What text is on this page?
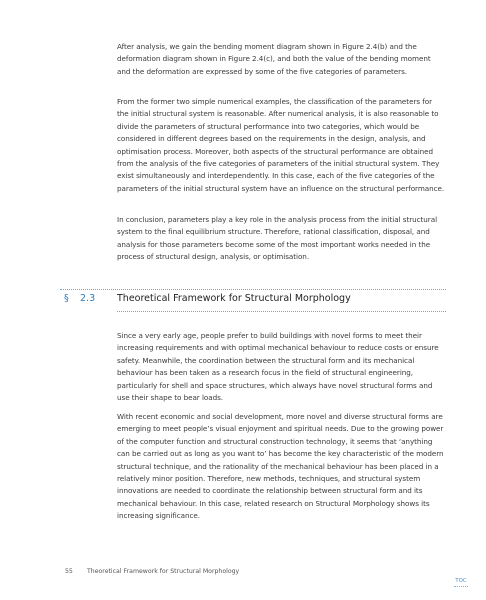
After analysis, we gain the bending moment diagram shown in Figure 2.4(b) and the deformation diagram shown in Figure 2.4(c), and both the value of the bending moment and the deformation are expressed by some of the five categories of parameters.

From the former two simple numerical examples, the classification of the parameters for the initial structural system is reasonable. After numerical analysis, it is also reasonable to divide the parameters of structural performance into two categories, which would be considered in different degrees based on the requirements in the design, analysis, and optimisation process. Moreover, both aspects of the structural performance are obtained from the analysis of the five categories of parameters of the initial structural system. They exist simultaneously and interdependently. In this case, each of the five categories of the parameters of the initial structural system have an influence on the structural performance.

In conclusion, parameters play a key role in the analysis process from the initial structural system to the final equilibrium structure. Therefore, rational classification, disposal, and analysis for those parameters become some of the most important works needed in the process of structural design, analysis, or optimisation.

§ 2.3 Theoretical Framework for Structural Morphology

Since a very early age, people prefer to build buildings with novel forms to meet their increasing requirements and with optimal mechanical behaviour to reduce costs or ensure safety. Meanwhile, the coordination between the structural form and its mechanical behaviour has been taken as a research focus in the field of structural engineering, particularly for shell and space structures, which always have novel structural forms and use their shape to bear loads.

With recent economic and social development, more novel and diverse structural forms are emerging to meet people’s visual enjoyment and spiritual needs. Due to the growing power of the computer function and structural construction technology, it seems that ‘anything can be carried out as long as you want to’ has become the key characteristic of the modern structural technique, and the rationality of the mechanical behaviour has been placed in a relatively minor position. Therefore, new methods, techniques, and structural system innovations are needed to coordinate the relationship between structural form and its mechanical behaviour. In this case, related research on Structural Morphology shows its increasing significance.

55 Theoretical Framework for Structural Morphology
TOC
